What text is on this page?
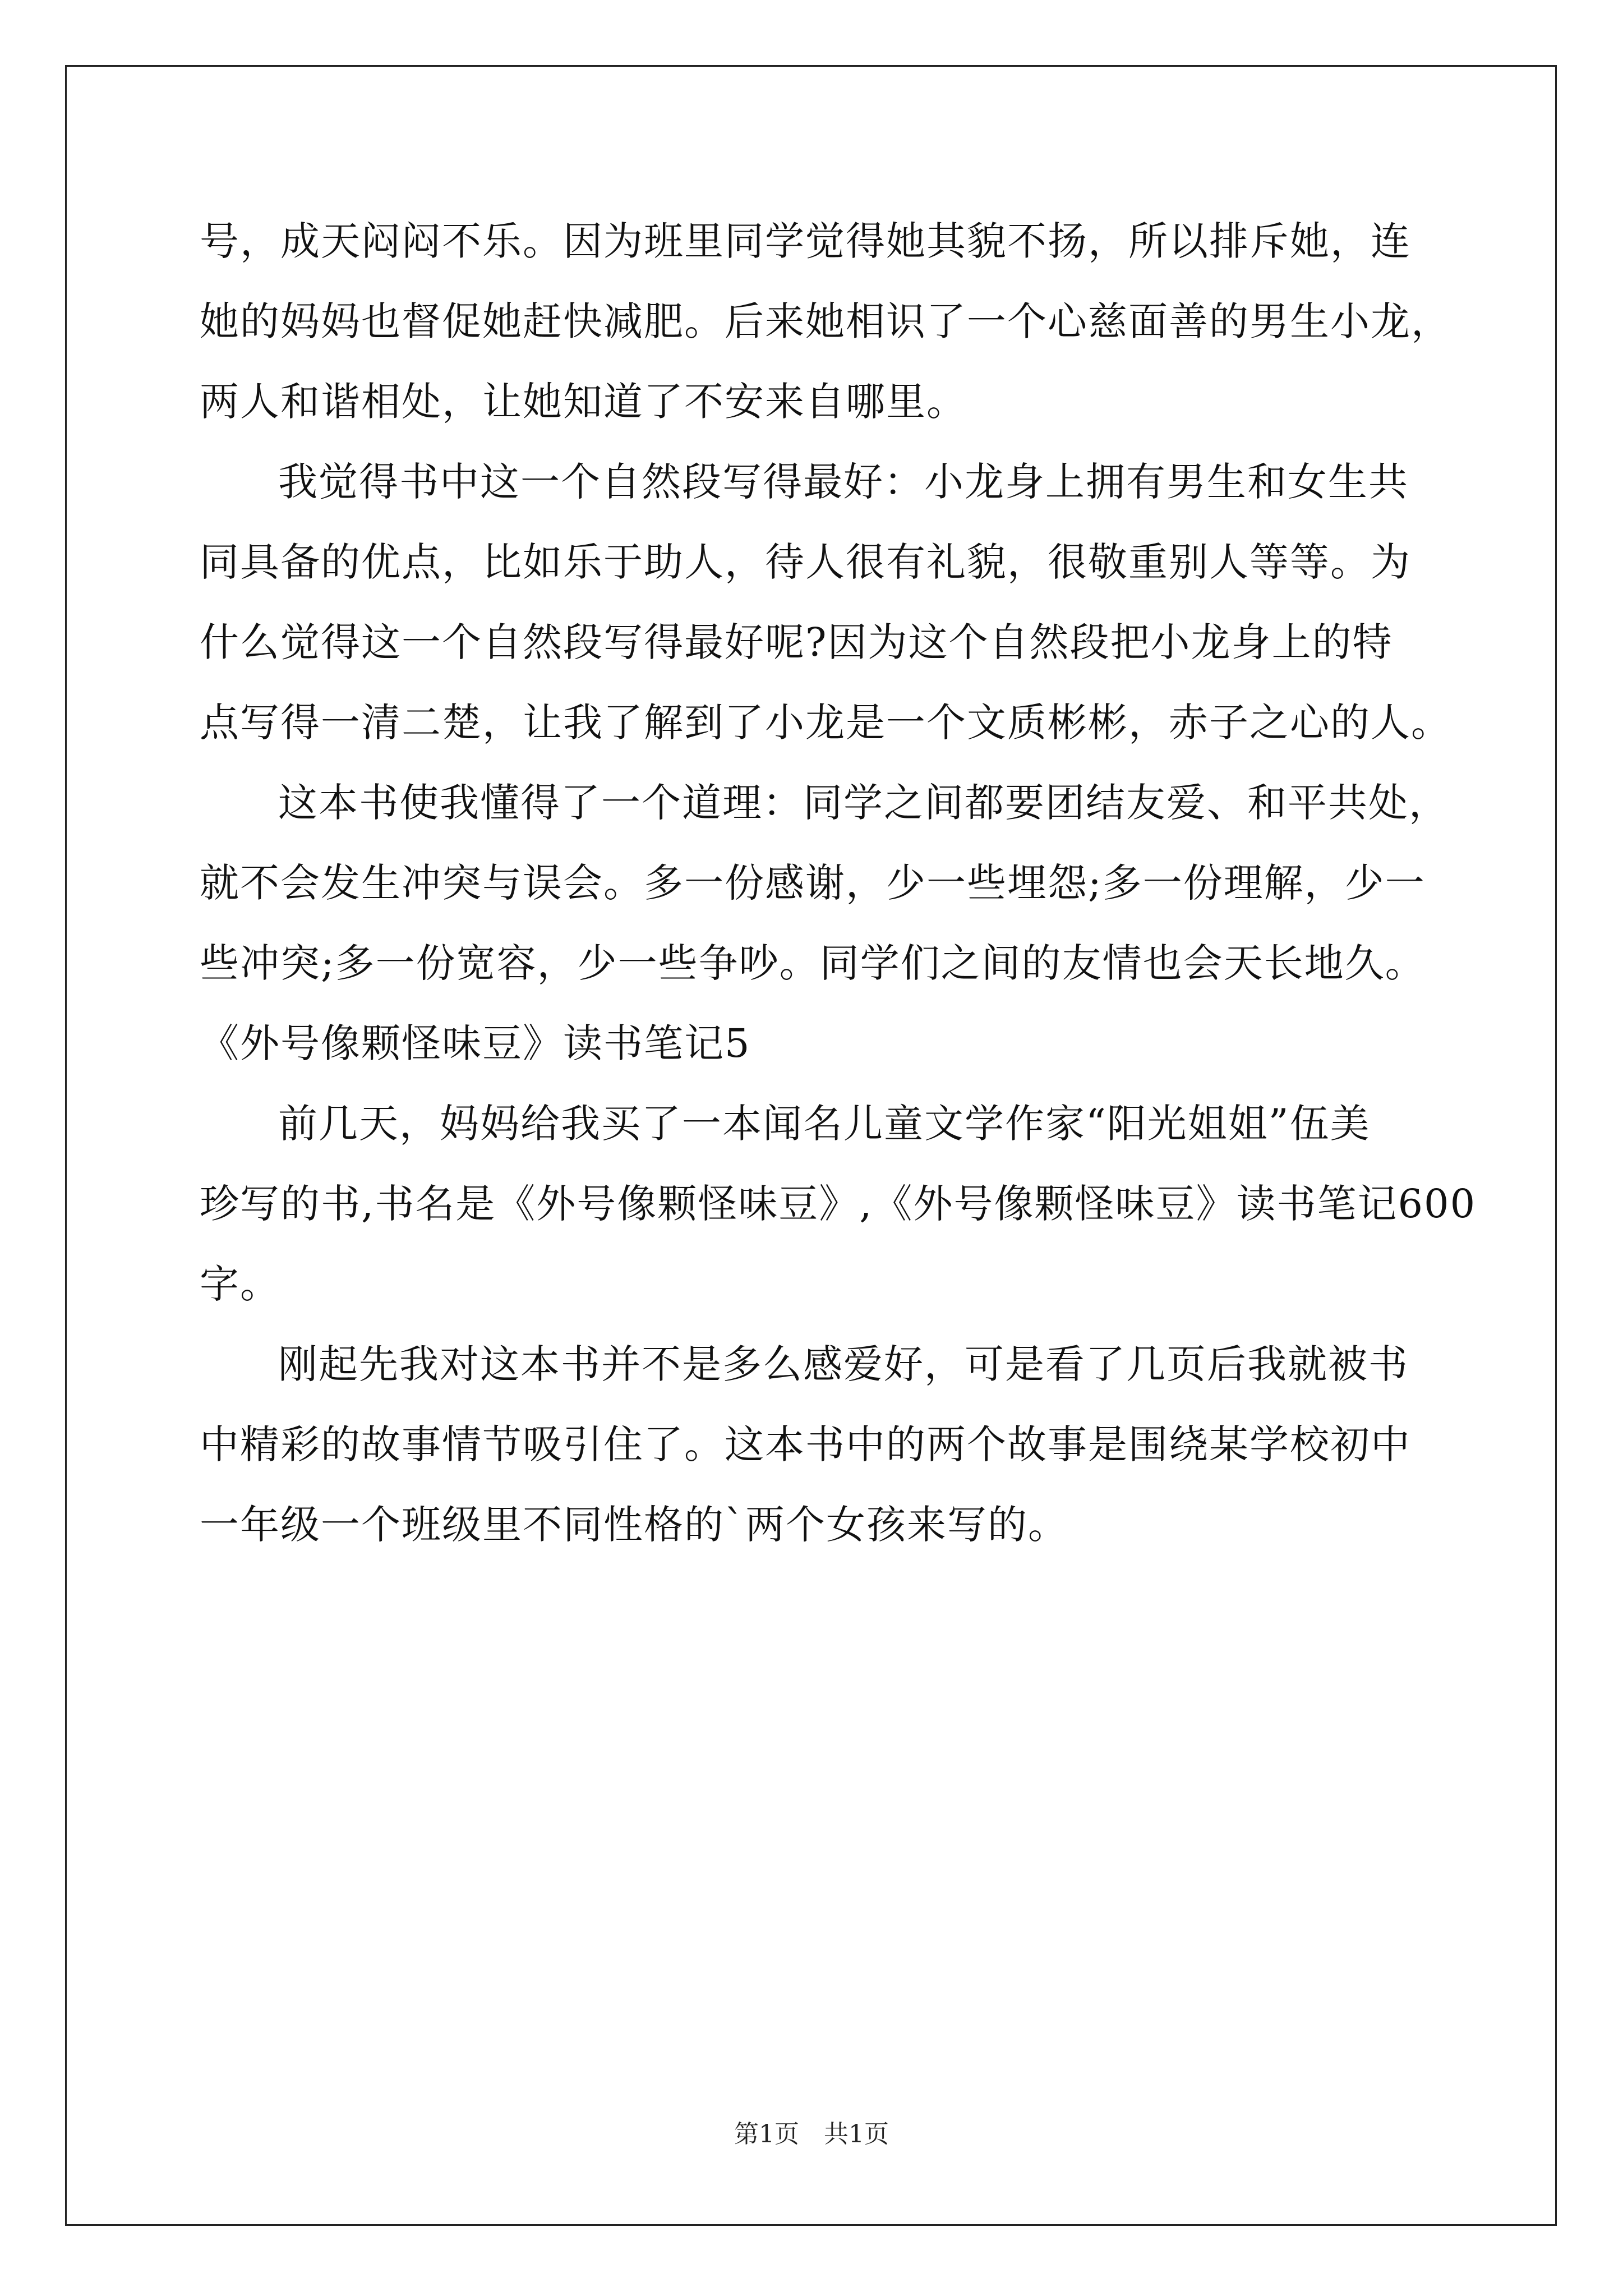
号，成天闷闷不乐。因为班里同学觉得她其貌不扬，所以排斥她，连
她的妈妈也督促她赶快减肥。后来她相识了一个心慈面善的男生小龙，
两人和谐相处，让她知道了不安来自哪里。
我觉得书中这一个自然段写得最好：小龙身上拥有男生和女生共
同具备的优点，比如乐于助人，待人很有礼貌，很敬重别人等等。为
什么觉得这一个自然段写得最好呢?因为这个自然段把小龙身上的特
点写得一清二楚，让我了解到了小龙是一个文质彬彬，赤子之心的人。
这本书使我懂得了一个道理：同学之间都要团结友爱、和平共处，
就不会发生冲突与误会。多一份感谢，少一些埋怨;多一份理解，少一
些冲突;多一份宽容，少一些争吵。同学们之间的友情也会天长地久。
《外号像颗怪味豆》读书笔记5
前几天，妈妈给我买了一本闻名儿童文学作家“阳光姐姐”伍美
珍写的书,书名是《外号像颗怪味豆》,《外号像颗怪味豆》读书笔记600
字。
刚起先我对这本书并不是多么感爱好，可是看了几页后我就被书
中精彩的故事情节吸引住了。这本书中的两个故事是围绕某学校初中
一年级一个班级里不同性格的`两个女孩来写的。
第1页　共1页
